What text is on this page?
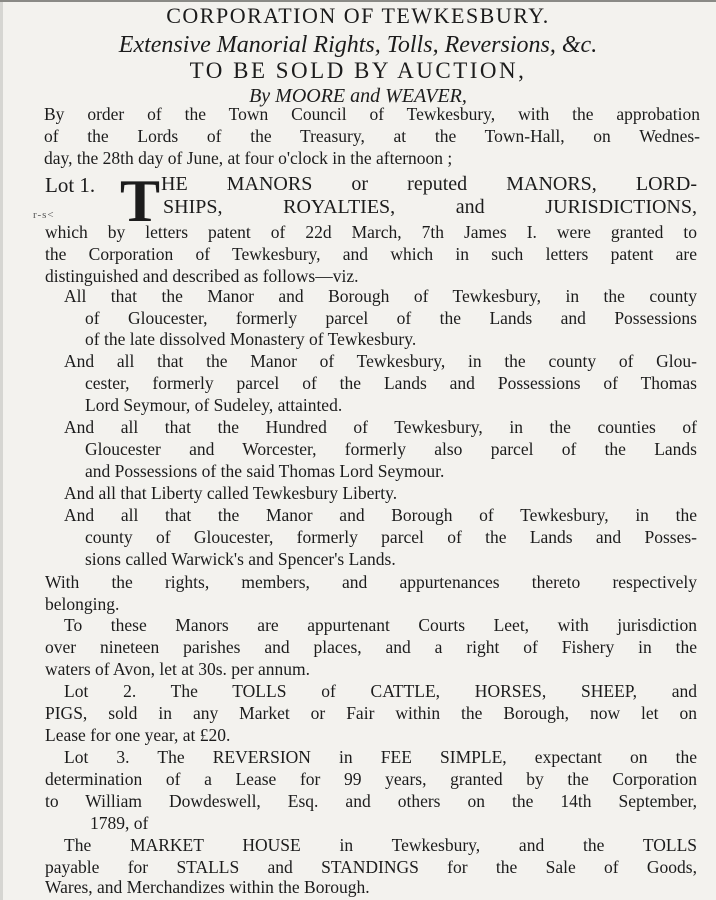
CORPORATION OF TEWKESBURY.
Extensive Manorial Rights, Tolls, Reversions, &c.
TO BE SOLD BY AUCTION,
By MOORE and WEAVER,
By order of the Town Council of Tewkesbury, with the approbation
of the Lords of the Treasury, at the Town-Hall, on Wednes-
day, the 28th day of June, at four o'clock in the afternoon ;
Lot 1. T HE MANORS or reputed MANORS, LORD-
SHIPS, ROYALTIES, and JURISDICTIONS,
r-s<
which by letters patent of 22d March, 7th James I. were granted to
the Corporation of Tewkesbury, and which in such letters patent are
distinguished and described as follows—viz.
All that the Manor and Borough of Tewkesbury, in the county
of Gloucester, formerly parcel of the Lands and Possessions
of the late dissolved Monastery of Tewkesbury.
And all that the Manor of Tewkesbury, in the county of Glou-
cester, formerly parcel of the Lands and Possessions of Thomas
Lord Seymour, of Sudeley, attainted.
And all that the Hundred of Tewkesbury, in the counties of
Gloucester and Worcester, formerly also parcel of the Lands
and Possessions of the said Thomas Lord Seymour.
And all that Liberty called Tewkesbury Liberty.
And all that the Manor and Borough of Tewkesbury, in the
county of Gloucester, formerly parcel of the Lands and Posses-
sions called Warwick's and Spencer's Lands.
With the rights, members, and appurtenances thereto respectively
belonging.
To these Manors are appurtenant Courts Leet, with jurisdiction
over nineteen parishes and places, and a right of Fishery in the
waters of Avon, let at 30s. per annum.
Lot 2. The TOLLS of CATTLE, HORSES, SHEEP, and
PIGS, sold in any Market or Fair within the Borough, now let on
Lease for one year, at £20.
Lot 3. The REVERSION in FEE SIMPLE, expectant on the
determination of a Lease for 99 years, granted by the Corporation
to William Dowdeswell, Esq. and others on the 14th September,
1789, of
The MARKET HOUSE in Tewkesbury, and the TOLLS
payable for STALLS and STANDINGS for the Sale of Goods,
Wares, and Merchandizes within the Borough.
